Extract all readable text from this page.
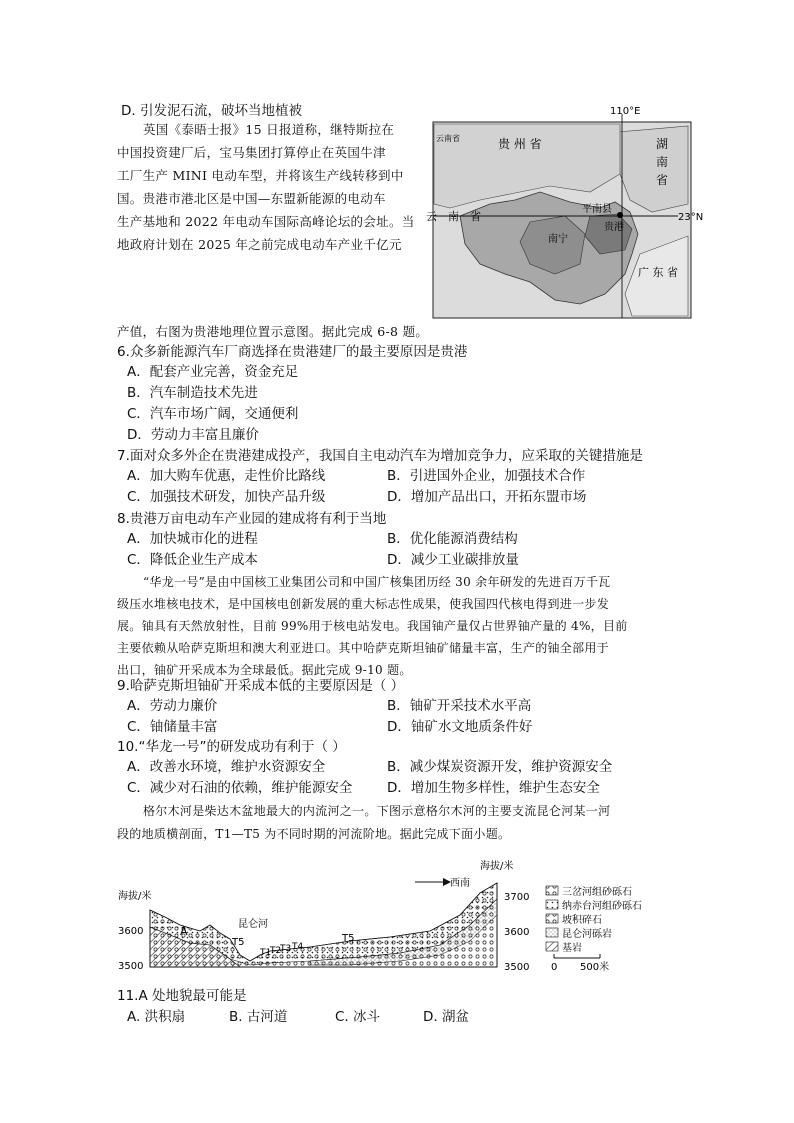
D. 引发泥石流，破坏当地植被
英国《泰晤士报》15 日报道称，继特斯拉在
中国投资建厂后，宝马集团打算停止在英国牛津
工厂生产 MINI 电动车型，并将该生产线转移到中
国。贵港市港北区是中国—东盟新能源的电动车
生产基地和 2022 年电动车国际高峰论坛的会址。当
地政府计划在 2025 年之前完成电动车产业千亿元
110°E
23°N
云南省	贵 州 省	湖
南
省
云－南－省
平南县
南宁
贵港
广 东 省
产值，右图为贵港地理位置示意图。据此完成 6-8 题。
6.众多新能源汽车厂商选择在贵港建厂的最主要原因是贵港
A．配套产业完善，资金充足
B．汽车制造技术先进
C．汽车市场广阔，交通便利
D．劳动力丰富且廉价
7.面对众多外企在贵港建成投产，我国自主电动汽车为增加竞争力，应采取的关键措施是
A．加大购车优惠，走性价比路线	B．引进国外企业，加强技术合作
C．加强技术研发，加快产品升级	D．增加产品出口，开拓东盟市场
8.贵港万亩电动车产业园的建成将有利于当地
A．加快城市化的进程	B．优化能源消费结构
C．降低企业生产成本	D．减少工业碳排放量
“华龙一号”是由中国核工业集团公司和中国广核集团历经 30 余年研发的先进百万千瓦
级压水堆核电技术，是中国核电创新发展的重大标志性成果，使我国四代核电得到进一步发
展。铀具有天然放射性，目前 99%用于核电站发电。我国铀产量仅占世界铀产量的 4%，目前
主要依赖从哈萨克斯坦和澳大利亚进口。其中哈萨克斯坦铀矿储量丰富，生产的铀全部用于
出口，铀矿开采成本为全球最低。据此完成 9-10 题。
9.哈萨克斯坦铀矿开采成本低的主要原因是（ ）
A．劳动力廉价	B．铀矿开采技术水平高
C．铀储量丰富	D．铀矿水文地质条件好
10.“华龙一号”的研发成功有利于（ ）
A．改善水环境，维护水资源安全	B．减少煤炭资源开发，维护资源安全
C．减少对石油的依赖，维护能源安全	D．增加生物多样性，维护生态安全
格尔木河是柴达木盆地最大的内流河之一。下图示意格尔木河的主要支流昆仑河某一河
段的地质横剖面，T1—T5 为不同时期的河流阶地。据此完成下面小题。
海拔/米
3600
3500
海拔/米
3700
3600
3500
西南
昆仑河
A
T5
T1
T2
T3 T4
T5
三岔河组砂砾石
纳赤台河组砂砾石
坡积碎石
昆仑河砾岩
基岩
0 500米
11.A 处地貌最可能是
A. 洪积扇	B. 古河道	C. 冰斗	D. 湖盆
